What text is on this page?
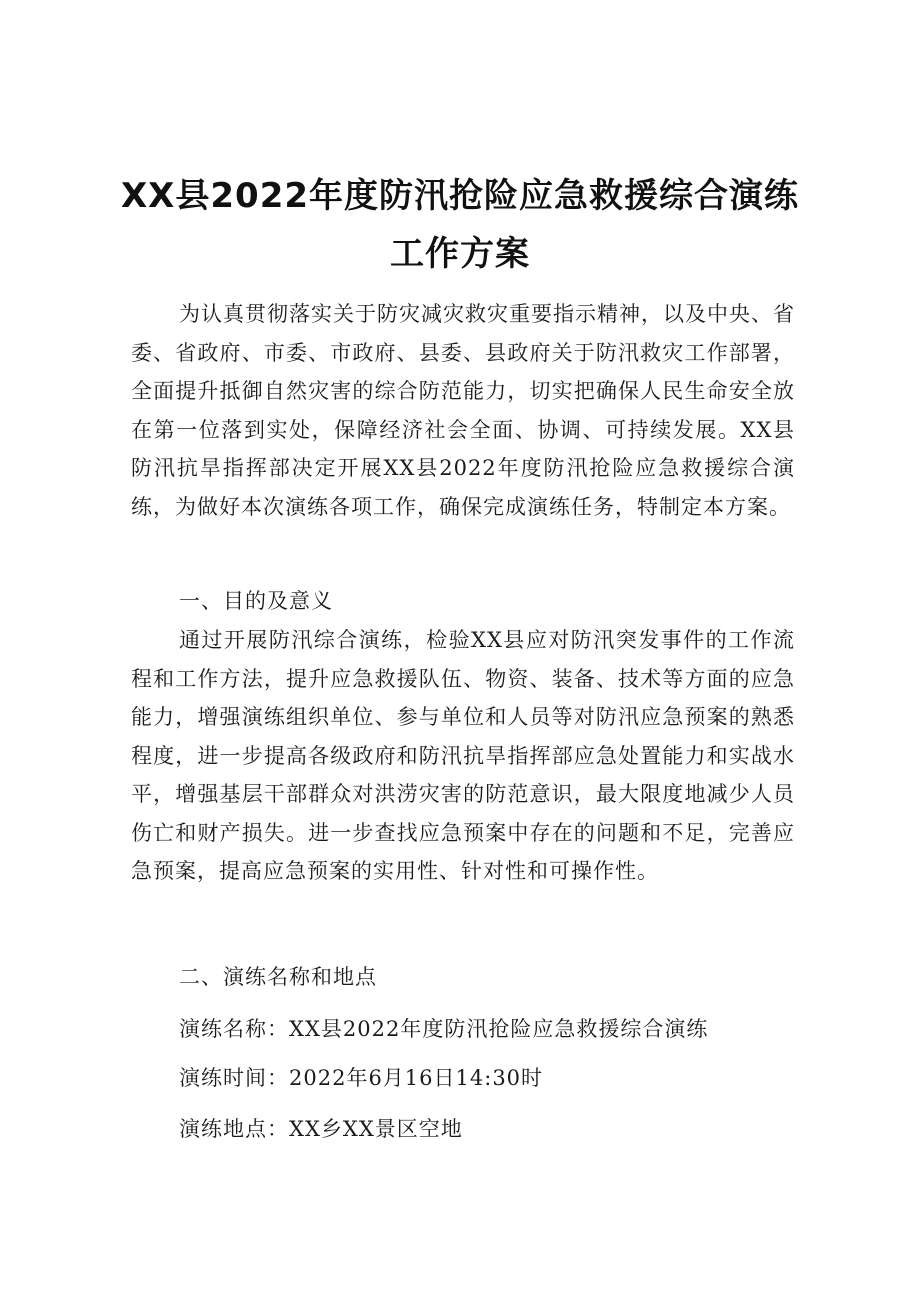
XX县2022年度防汛抢险应急救援综合演练
工作方案
为认真贯彻落实关于防灾减灾救灾重要指示精神，以及中央、省委、省政府、市委、市政府、县委、县政府关于防汛救灾工作部署，全面提升抵御自然灾害的综合防范能力，切实把确保人民生命安全放在第一位落到实处，保障经济社会全面、协调、可持续发展。XX县防汛抗旱指挥部决定开展XX县2022年度防汛抢险应急救援综合演练，为做好本次演练各项工作，确保完成演练任务，特制定本方案。
一、目的及意义
通过开展防汛综合演练，检验XX县应对防汛突发事件的工作流程和工作方法，提升应急救援队伍、物资、装备、技术等方面的应急能力，增强演练组织单位、参与单位和人员等对防汛应急预案的熟悉程度，进一步提高各级政府和防汛抗旱指挥部应急处置能力和实战水平，增强基层干部群众对洪涝灾害的防范意识，最大限度地减少人员伤亡和财产损失。进一步查找应急预案中存在的问题和不足，完善应急预案，提高应急预案的实用性、针对性和可操作性。
二、演练名称和地点
演练名称：XX县2022年度防汛抢险应急救援综合演练
演练时间：2022年6月16日14:30时
演练地点：XX乡XX景区空地
